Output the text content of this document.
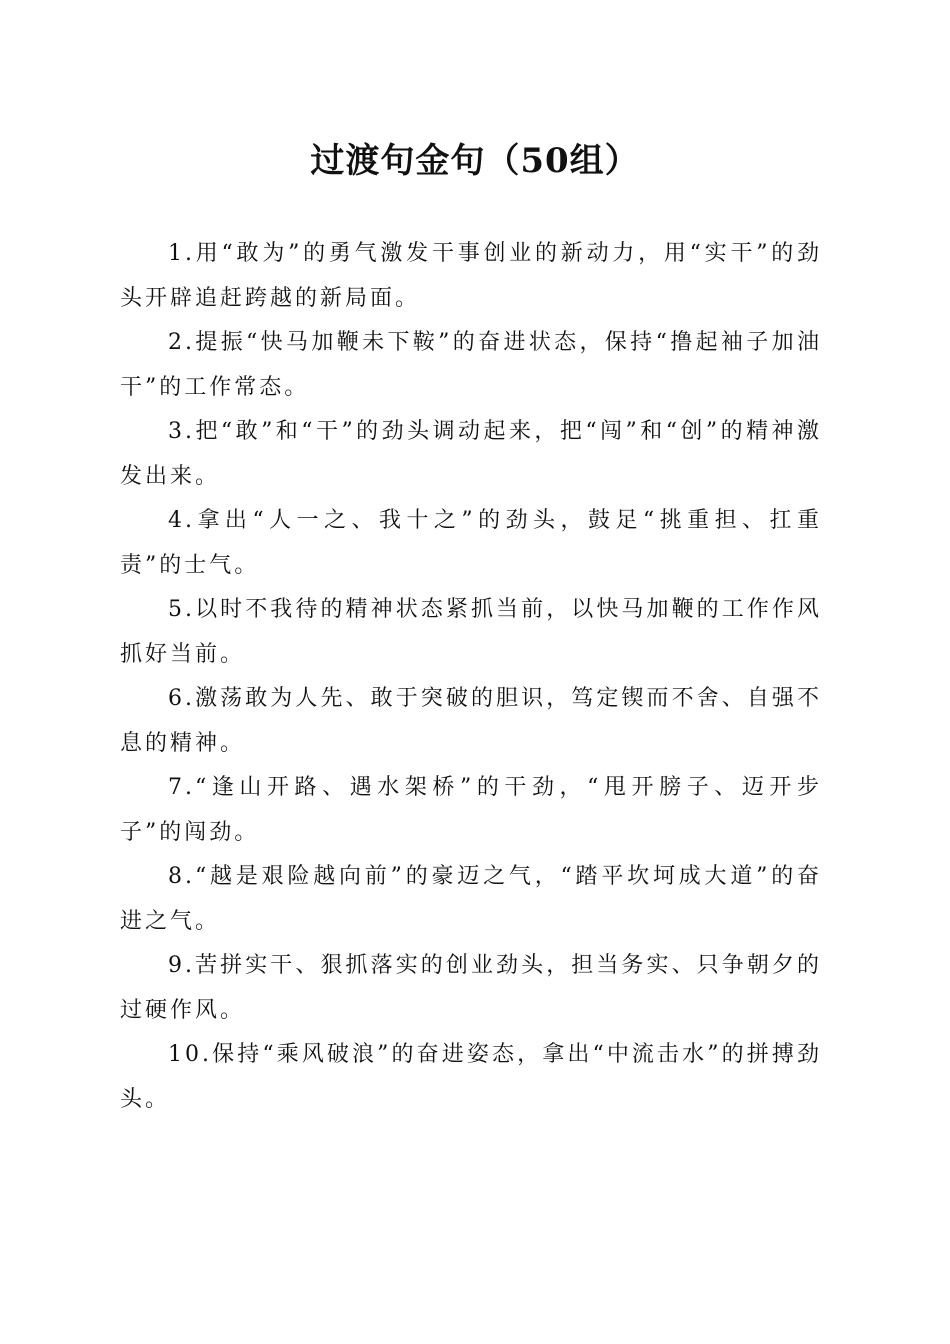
过渡句金句（50组）

1.用“敢为”的勇气激发干事创业的新动力，用“实干”的劲头开辟追赶跨越的新局面。

2.提振“快马加鞭未下鞍”的奋进状态，保持“撸起袖子加油干”的工作常态。

3.把“敢”和“干”的劲头调动起来，把“闯”和“创”的精神激发出来。

4.拿出“人一之、我十之”的劲头，鼓足“挑重担、扛重责”的士气。

5.以时不我待的精神状态紧抓当前，以快马加鞭的工作作风抓好当前。

6.激荡敢为人先、敢于突破的胆识，笃定锲而不舍、自强不息的精神。

7.“逢山开路、遇水架桥”的干劲，“甩开膀子、迈开步子”的闯劲。

8.“越是艰险越向前”的豪迈之气，“踏平坎坷成大道”的奋进之气。

9.苦拼实干、狠抓落实的创业劲头，担当务实、只争朝夕的过硬作风。

10.保持“乘风破浪”的奋进姿态，拿出“中流击水”的拼搏劲头。
